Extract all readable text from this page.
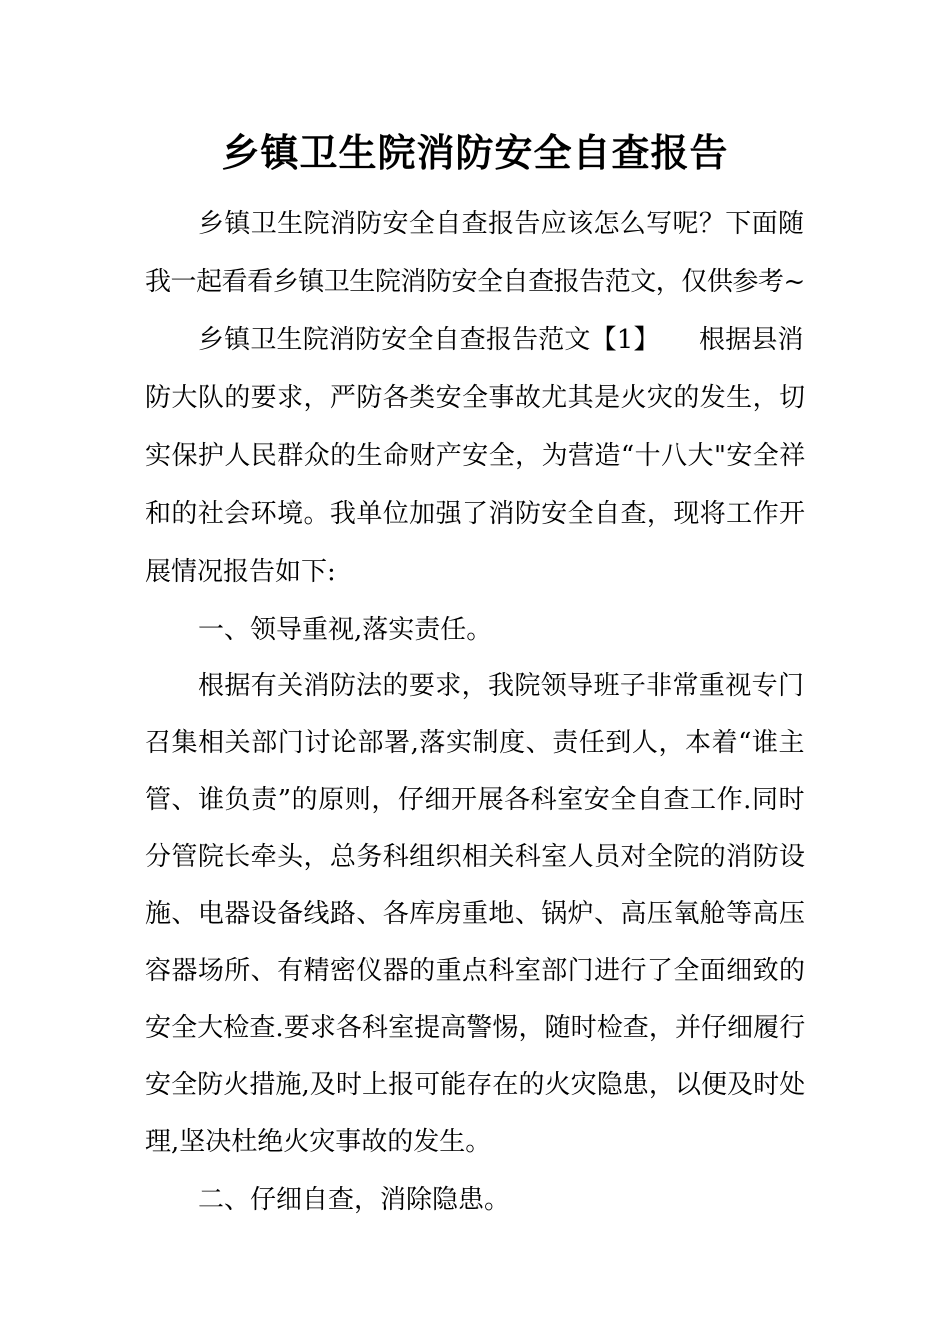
乡镇卫生院消防安全自查报告
乡镇卫生院消防安全自查报告应该怎么写呢？下面随
我一起看看乡镇卫生院消防安全自查报告范文，仅供参考~
乡镇卫生院消防安全自查报告范文【1】　　根据县消
防大队的要求，严防各类安全事故尤其是火灾的发生，切
实保护人民群众的生命财产安全，为营造“十八大"安全祥
和的社会环境。我单位加强了消防安全自查，现将工作开
展情况报告如下:
一、领导重视,落实责任。
根据有关消防法的要求，我院领导班子非常重视专门
召集相关部门讨论部署,落实制度、责任到人，本着“谁主
管、谁负责”的原则，仔细开展各科室安全自查工作.同时
分管院长牵头，总务科组织相关科室人员对全院的消防设
施、电器设备线路、各库房重地、锅炉、高压氧舱等高压
容器场所、有精密仪器的重点科室部门进行了全面细致的
安全大检查.要求各科室提高警惕，随时检查，并仔细履行
安全防火措施,及时上报可能存在的火灾隐患，以便及时处
理,坚决杜绝火灾事故的发生。
二、仔细自查，消除隐患。
